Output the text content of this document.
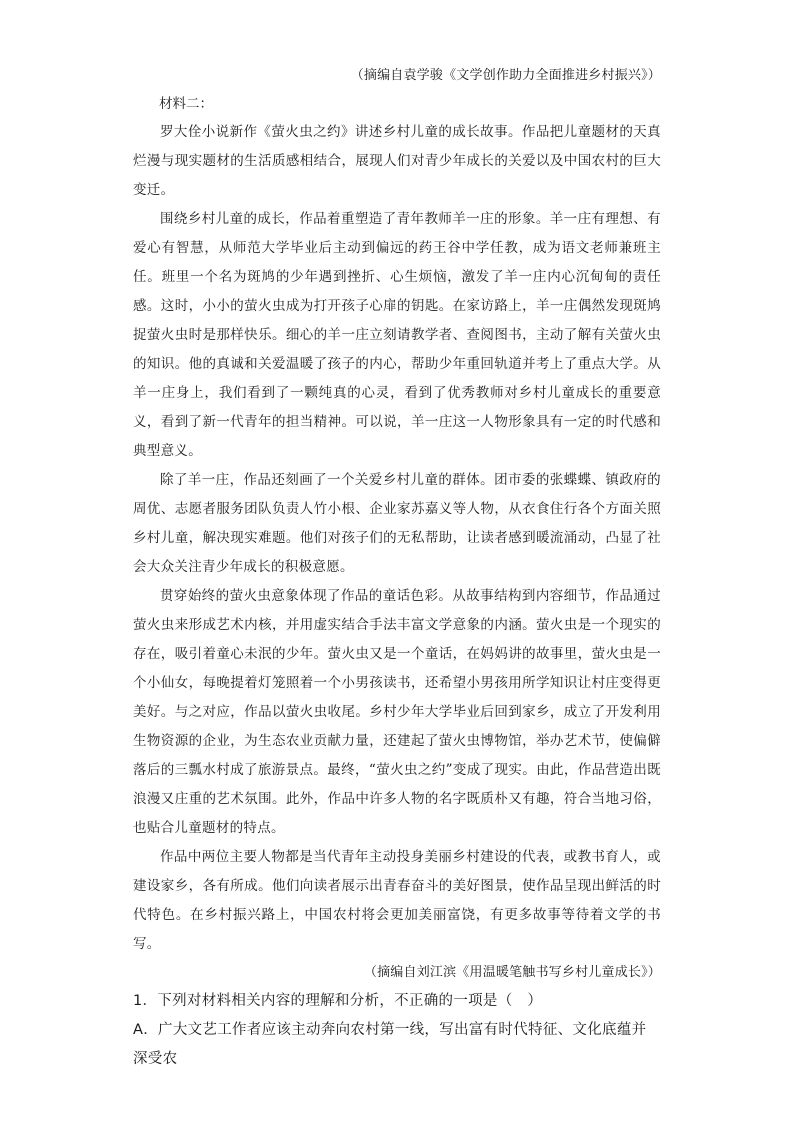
（摘编自袁学骏《文学创作助力全面推进乡村振兴》）
材料二：

罗大佺小说新作《萤火虫之约》讲述乡村儿童的成长故事。作品把儿童题材的天真烂漫与现实题材的生活质感相结合，展现人们对青少年成长的关爱以及中国农村的巨大变迁。

围绕乡村儿童的成长，作品着重塑造了青年教师羊一庄的形象。羊一庄有理想、有爱心有智慧，从师范大学毕业后主动到偏远的药王谷中学任教，成为语文老师兼班主任。班里一个名为斑鸠的少年遇到挫折、心生烦恼，激发了羊一庄内心沉甸甸的责任感。这时，小小的萤火虫成为打开孩子心扉的钥匙。在家访路上，羊一庄偶然发现斑鸠捉萤火虫时是那样快乐。细心的羊一庄立刻请教学者、查阅图书，主动了解有关萤火虫的知识。他的真诚和关爱温暖了孩子的内心，帮助少年重回轨道并考上了重点大学。从羊一庄身上，我们看到了一颗纯真的心灵，看到了优秀教师对乡村儿童成长的重要意义，看到了新一代青年的担当精神。可以说，羊一庄这一人物形象具有一定的时代感和典型意义。

除了羊一庄，作品还刻画了一个关爱乡村儿童的群体。团市委的张蝶蝶、镇政府的周优、志愿者服务团队负责人竹小根、企业家苏嘉义等人物，从衣食住行各个方面关照乡村儿童，解决现实难题。他们对孩子们的无私帮助，让读者感到暖流涌动，凸显了社会大众关注青少年成长的积极意愿。

贯穿始终的萤火虫意象体现了作品的童话色彩。从故事结构到内容细节，作品通过萤火虫来形成艺术内核，并用虚实结合手法丰富文学意象的内涵。萤火虫是一个现实的存在，吸引着童心未泯的少年。萤火虫又是一个童话，在妈妈讲的故事里，萤火虫是一个小仙女，每晚提着灯笼照着一个小男孩读书，还希望小男孩用所学知识让村庄变得更美好。与之对应，作品以萤火虫收尾。乡村少年大学毕业后回到家乡，成立了开发利用生物资源的企业，为生态农业贡献力量，还建起了萤火虫博物馆，举办艺术节，使偏僻落后的三瓢水村成了旅游景点。最终，“萤火虫之约”变成了现实。由此，作品营造出既浪漫又庄重的艺术氛围。此外，作品中许多人物的名字既质朴又有趣，符合当地习俗，也贴合儿童题材的特点。

作品中两位主要人物都是当代青年主动投身美丽乡村建设的代表，或教书育人，或建设家乡，各有所成。他们向读者展示出青春奋斗的美好图景，使作品呈现出鲜活的时代特色。在乡村振兴路上，中国农村将会更加美丽富饶，有更多故事等待着文学的书写。

（摘编自刘江滨《用温暖笔触书写乡村儿童成长》）
1．下列对材料相关内容的理解和分析，不正确的一项是（　）
A．广大文艺工作者应该主动奔向农村第一线，写出富有时代特征、文化底蕴并深受农
